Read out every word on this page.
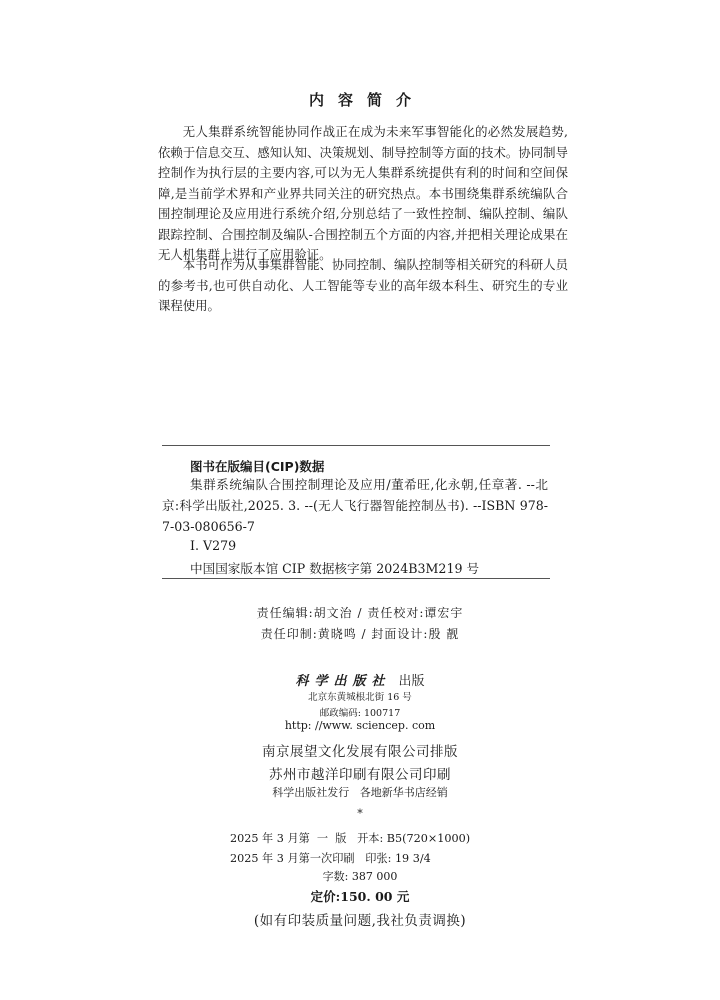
内容简介

无人集群系统智能协同作战正在成为未来军事智能化的必然发展趋势,依赖于信息交互、感知认知、决策规划、制导控制等方面的技术。协同制导控制作为执行层的主要内容,可以为无人集群系统提供有利的时间和空间保障,是当前学术界和产业界共同关注的研究热点。本书围绕集群系统编队合围控制理论及应用进行系统介绍,分别总结了一致性控制、编队控制、编队跟踪控制、合围控制及编队-合围控制五个方面的内容,并把相关理论成果在无人机集群上进行了应用验证。

本书可作为从事集群智能、协同控制、编队控制等相关研究的科研人员的参考书,也可供自动化、人工智能等专业的高年级本科生、研究生的专业课程使用。

图书在版编目(CIP)数据

集群系统编队合围控制理论及应用/董希旺,化永朝,任章著. --北京:科学出版社,2025. 3. --(无人飞行器智能控制丛书). --ISBN 978-7-03-080656-7

Ⅰ. V279
中国国家版本馆 CIP 数据核字第 2024B3M219 号
责任编辑:胡文治 / 责任校对:谭宏宇
责任印制:黄晓鸣 / 封面设计:殷 靓
科学出版社 出版
北京东黄城根北街 16 号
邮政编码: 100717
http: //www. sciencep. com
南京展望文化发展有限公司排版
苏州市越洋印刷有限公司印刷
科学出版社发行   各地新华书店经销
*
2025 年 3 月第  一  版   开本: B5(720×1000)
2025 年 3 月第一次印刷   印张: 19 3/4
字数: 387 000
定价:150. 00 元
(如有印装质量问题,我社负责调换)
